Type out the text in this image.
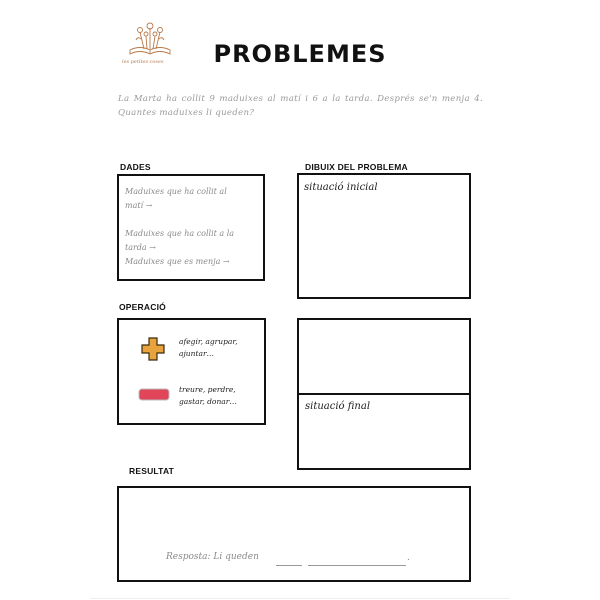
les petites coses	PROBLEMES
La Marta ha collit 9 maduixes al matí i 6 a la tarda. Després se'n menja 4. Quantes maduixes li queden?
DADES
Maduixes que ha collit al
matí →
Maduixes que ha collit a la
tarda →
Maduixes que es menja →
DIBUIX DEL PROBLEMA
situació inicial
OPERACIÓ
afegir, agrupar,
ajuntar…
treure, perdre,
gastar, donar…	situació final
RESULTAT
Resposta: Li queden	.
